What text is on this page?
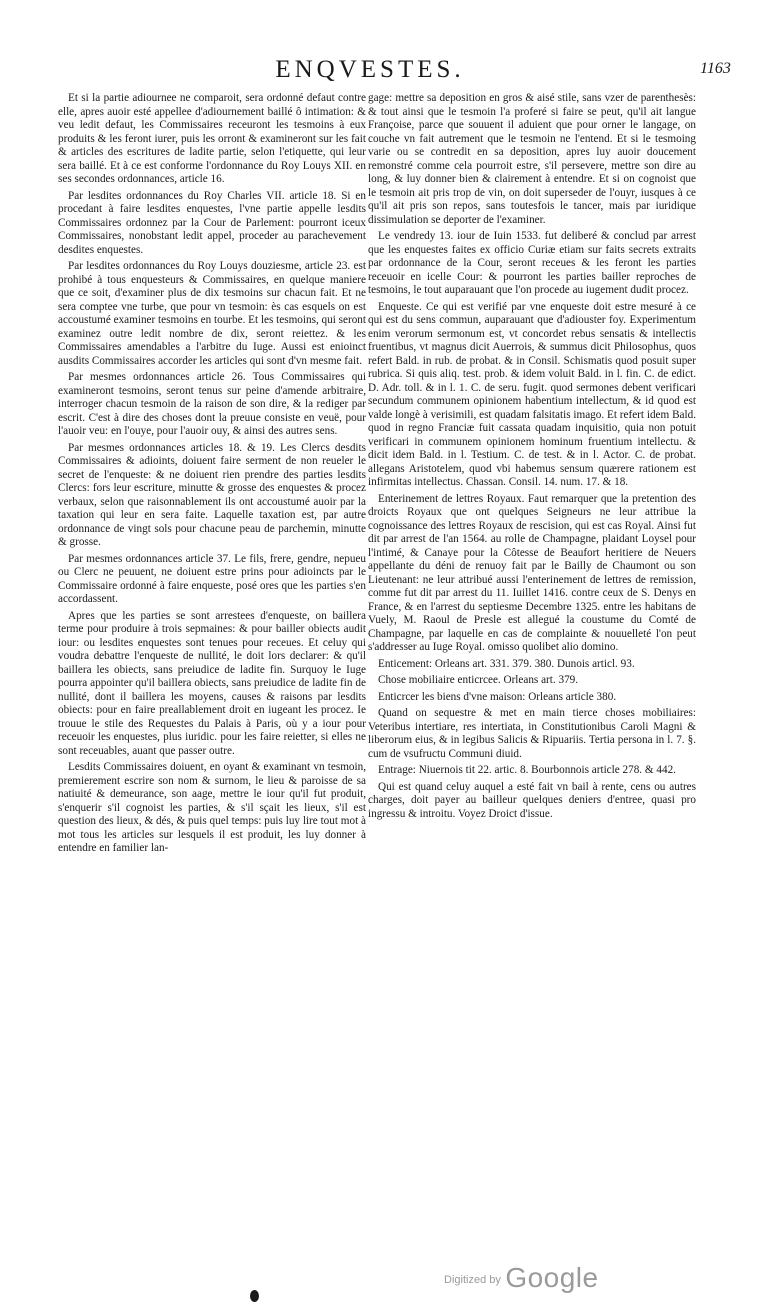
ENQVESTES.	1163

Et si la partie adiournee ne comparoit, sera ordonné defaut contre elle, apres auoir esté appellee d'adiournement baillé ô intimation: & veu ledit defaut, les Commissaires receuront les tesmoins à eux produits & les feront iurer, puis les orront & examineront sur les fait & articles des escritures de ladite partie, selon l'etiquette, qui leur sera baillé. Et à ce est conforme l'ordonnance du Roy Louys XII. en ses secondes ordonnances, article 16.

Par lesdites ordonnances du Roy Charles VII. article 18. Si en procedant à faire lesdites enquestes, l'vne partie appelle lesdits Commissaires ordonnez par la Cour de Parlement: pourront iceux Commissaires, nonobstant ledit appel, proceder au parachevement desdites enquestes.

Par lesdites ordonnances du Roy Louys douziesme, article 23. est prohibé à tous enquesteurs & Commissaires, en quelque maniere que ce soit, d'examiner plus de dix tesmoins sur chacun fait. Et ne sera comptee vne turbe, que pour vn tesmoin: ès cas esquels on est accoustumé examiner tesmoins en tourbe. Et les tesmoins, qui seront examinez outre ledit nombre de dix, seront reiettez. & les Commissaires amendables a l'arbitre du Iuge. Aussi est enioinct ausdits Commissaires accorder les articles qui sont d'vn mesme fait.

Par mesmes ordonnances article 26. Tous Commissaires qui examineront tesmoins, seront tenus sur peine d'amende arbitraire, interroger chacun tesmoin de la raison de son dire, & la rediger par escrit. C'est à dire des choses dont la preuue consiste en veuë, pour l'auoir veu: en l'ouye, pour l'auoir ouy, & ainsi des autres sens.

Par mesmes ordonnances articles 18. & 19. Les Clercs desdits Commissaires & adioints, doiuent faire serment de non reueler le secret de l'enqueste: & ne doiuent rien prendre des parties lesdits Clercs: fors leur escriture, minutte & grosse des enquestes & procez verbaux, selon que raisonnablement ils ont accoustumé auoir par la taxation qui leur en sera faite. Laquelle taxation est, par autre ordonnance de vingt sols pour chacune peau de parchemin, minutte & grosse.

Par mesmes ordonnances article 37. Le fils, frere, gendre, nepueu ou Clerc ne peuuent, ne doiuent estre prins pour adioincts par le Commissaire ordonné à faire enqueste, posé ores que les parties s'en accordassent.

Apres que les parties se sont arrestees d'enqueste, on baillera terme pour produire à trois sepmaines: & pour bailler obiects audit iour: ou lesdites enquestes sont tenues pour receues. Et celuy qui voudra debattre l'enqueste de nullité, le doit lors declarer: & qu'il baillera les obiects, sans preiudice de ladite fin. Surquoy le Iuge pourra appointer qu'il baillera obiects, sans preiudice de ladite fin de nullité, dont il baillera les moyens, causes & raisons par lesdits obiects: pour en faire preallablement droit en iugeant les procez. Ie trouue le stile des Requestes du Palais à Paris, où y a iour pour receuoir les enquestes, plus iuridic. pour les faire reietter, si elles ne sont receuables, auant que passer outre.

Lesdits Commissaires doiuent, en oyant & examinant vn tesmoin, premierement escrire son nom & surnom, le lieu & paroisse de sa natiuité & demeurance, son aage, mettre le iour qu'il fut produit, s'enquerir s'il cognoist les parties, & s'il sçait les lieux, s'il est question des lieux, & dés, & puis quel temps: puis luy lire tout mot à mot tous les articles sur lesquels il est produit, les luy donner à entendre en familier lan-

gage: mettre sa deposition en gros & aisé stile, sans vzer de parenthesès: & tout ainsi que le tesmoin l'a proferé si faire se peut, qu'il ait langue Françoise, parce que souuent il aduient que pour orner le langage, on couche vn fait autrement que le tesmoin ne l'entend. Et si le tesmoing varie ou se contredit en sa deposition, apres luy auoir doucement remonstré comme cela pourroit estre, s'il persevere, mettre son dire au long, & luy donner bien & clairement à entendre. Et si on cognoist que le tesmoin ait pris trop de vin, on doit superseder de l'ouyr, iusques à ce qu'il ait pris son repos, sans toutesfois le tancer, mais par iuridique dissimulation se deporter de l'examiner.

Le vendredy 13. iour de Iuin 1533. fut deliberé & conclud par arrest que les enquestes faites ex officio Curiæ etiam sur faits secrets extraits par ordonnance de la Cour, seront receues & les feront les parties receuoir en icelle Cour: & pourront les parties bailler reproches de tesmoins, le tout auparauant que l'on procede au iugement dudit procez.

Enqueste. Ce qui est verifié par vne enqueste doit estre mesuré à ce qui est du sens commun, auparauant que d'adiouster foy. Experimentum enim verorum sermonum est, vt concordet rebus sensatis & intellectis fruentibus, vt magnus dicit Auerrois, & summus dicit Philosophus, quos refert Bald. in rub. de probat. & in Consil. Schismatis quod posuit super rubrica. Si quis aliq. test. prob. & idem voluit Bald. in l. fin. C. de edict. D. Adr. toll. & in l. 1. C. de seru. fugit. quod sermones debent verificari secundum communem opinionem habentium intellectum, & id quod est valde longè à verisimili, est quadam falsitatis imago. Et refert idem Bald. quod in regno Franciæ fuit cassata quadam inquisitio, quia non potuit verificari in communem opinionem hominum fruentium intellectu. & dicit idem Bald. in l. Testium. C. de test. & in l. Actor. C. de probat. allegans Aristotelem, quod vbi habemus sensum quærere rationem est infirmitas intellectus. Chassan. Consil. 14. num. 17. & 18.

Enterinement de lettres Royaux. Faut remarquer que la pretention des droicts Royaux que ont quelques Seigneurs ne leur attribue la cognoissance des lettres Royaux de rescision, qui est cas Royal. Ainsi fut dit par arrest de l'an 1564. au rolle de Champagne, plaidant Loysel pour l'intimé, & Canaye pour la Côtesse de Beaufort heritiere de Neuers appellante du déni de renuoy fait par le Bailly de Chaumont ou son Lieutenant: ne leur attribué aussi l'enterinement de lettres de remission, comme fut dit par arrest du 11. Iuillet 1416. contre ceux de S. Denys en France, & en l'arrest du septiesme Decembre 1325. entre les habitans de Vuely, M. Raoul de Presle est allegué la coustume du Comté de Champagne, par laquelle en cas de complainte & nouuelleté l'on peut s'addresser au Iuge Royal. omisso quolibet alio domino.

Enticement: Orleans art. 331. 379. 380. Dunois articl. 93.

Chose mobiliaire enticrcee. Orleans art. 379.

Enticrcer les biens d'vne maison: Orleans article 380.

Quand on sequestre & met en main tierce choses mobiliaires: Veteribus intertiare, res intertiata, in Constitutionibus Caroli Magni & liberorum eius, & in legibus Salicis & Ripuariis. Tertia persona in l. 7. §. cum de vsufructu Communi diuid.

Entrage: Niuernois tit 22. artic. 8. Bourbonnois article 278. & 442.

Qui est quand celuy auquel a esté fait vn bail à rente, cens ou autres charges, doit payer au bailleur quelques deniers d'entree, quasi pro ingressu & introitu. Voyez Droict d'issue.

$^{Digitized by}$ Google
